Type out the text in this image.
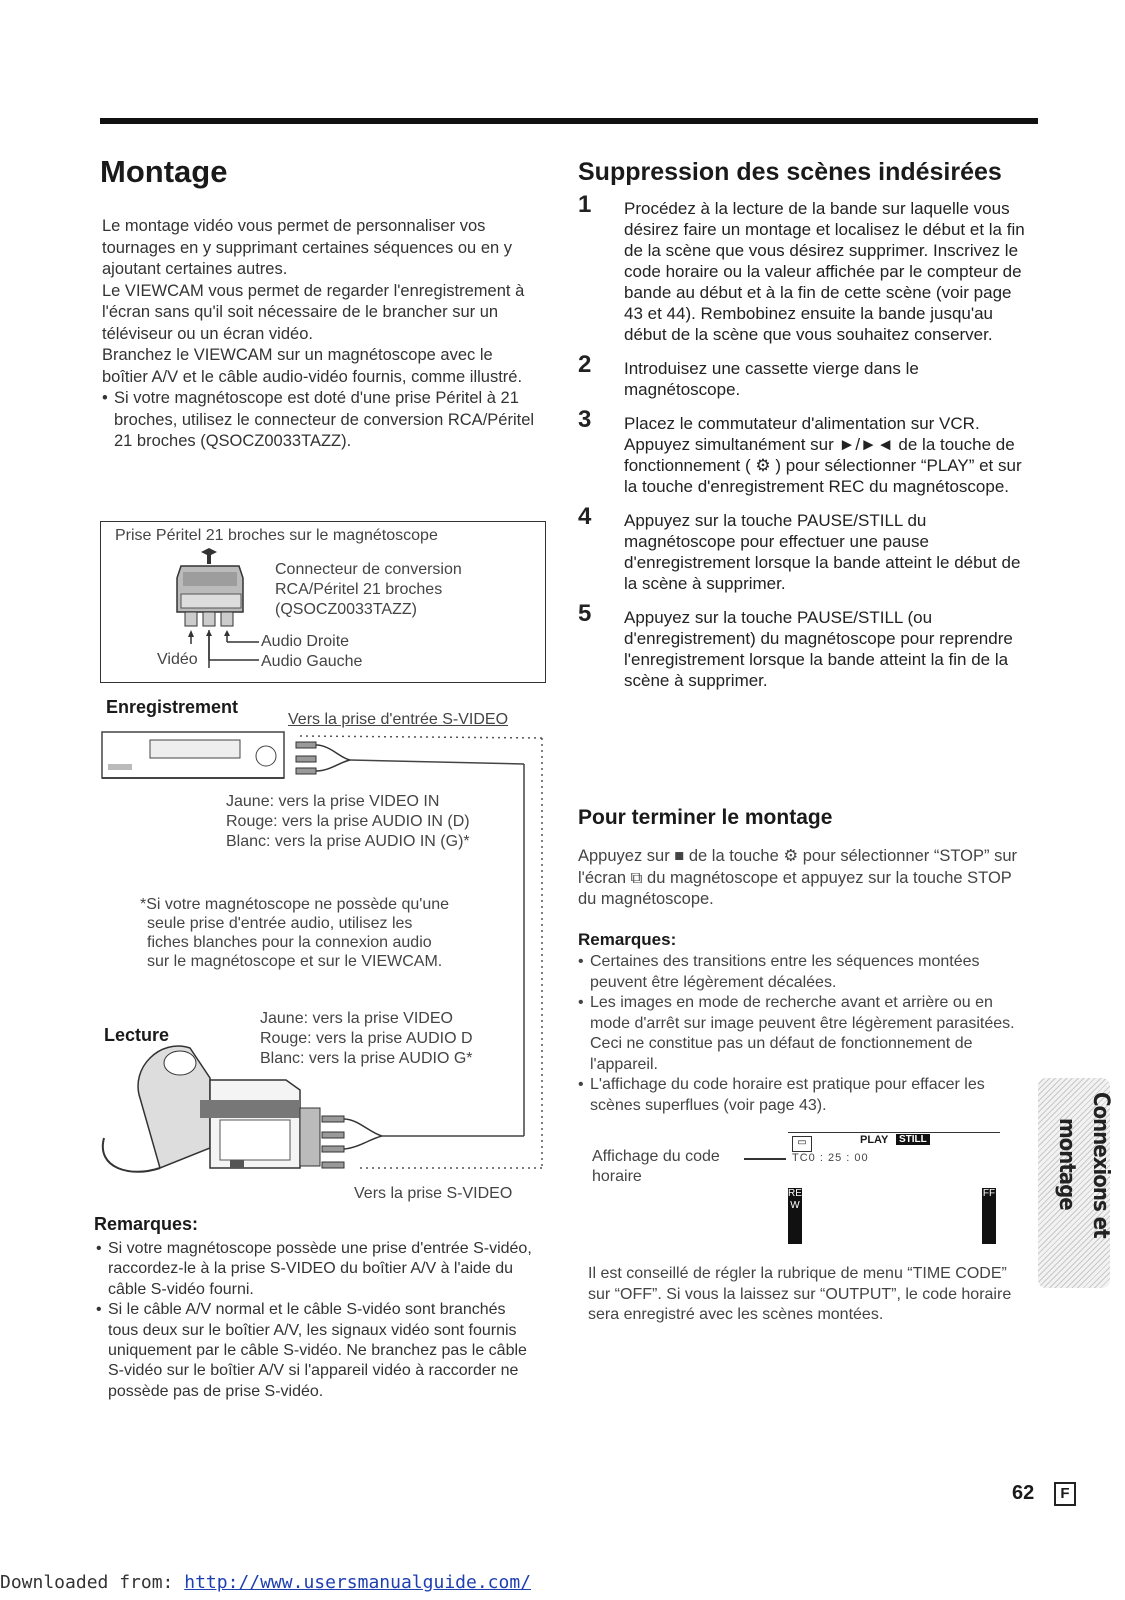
Montage

Le montage vidéo vous permet de personnaliser vos tournages en y supprimant certaines séquences ou en y ajoutant certaines autres.

Le VIEWCAM vous permet de regarder l'enregistrement à l'écran sans qu'il soit nécessaire de le brancher sur un téléviseur ou un écran vidéo.

Branchez le VIEWCAM sur un magnétoscope avec le boîtier A/V et le câble audio-vidéo fournis, comme illustré.

• Si votre magnétoscope est doté d'une prise Péritel à 21 broches, utilisez le connecteur de conversion RCA/Péritel 21 broches (QSOCZ0033TAZZ).
Prise Péritel 21 broches sur le magnétoscope
Connecteur de conversion
RCA/Péritel 21 broches
(QSOCZ0033TAZZ)
Audio Droite
Audio Gauche
Vidéo
Enregistrement
Vers la prise d'entrée S-VIDEO
Jaune: vers la prise VIDEO IN
Rouge: vers la prise AUDIO IN (D)
Blanc: vers la prise AUDIO IN (G)*
*Si votre magnétoscope ne possède qu'une
seule prise d'entrée audio, utilisez les
fiches blanches pour la connexion audio
sur le magnétoscope et sur le VIEWCAM.
Lecture
Jaune: vers la prise VIDEO
Rouge: vers la prise AUDIO D
Blanc: vers la prise AUDIO G*
Vers la prise S-VIDEO
Remarques:
• Si votre magnétoscope possède une prise d'entrée S-vidéo, raccordez-le à la prise S-VIDEO du boîtier A/V à l'aide du câble S-vidéo fourni.
• Si le câble A/V normal et le câble S-vidéo sont branchés tous deux sur le boîtier A/V, les signaux vidéo sont fournis uniquement par le câble S-vidéo. Ne branchez pas le câble S-vidéo sur le boîtier A/V si l'appareil vidéo à raccorder ne possède pas de prise S-vidéo.
Suppression des scènes indésirées
1 Procédez à la lecture de la bande sur laquelle vous désirez faire un montage et localisez le début et la fin de la scène que vous désirez supprimer. Inscrivez le code horaire ou la valeur affichée par le compteur de bande au début et à la fin de cette scène (voir page 43 et 44). Rembobinez ensuite la bande jusqu'au début de la scène que vous souhaitez conserver.
2 Introduisez une cassette vierge dans le magnétoscope.
3 Placez le commutateur d'alimentation sur VCR. Appuyez simultanément sur ►/►◄ de la touche de fonctionnement ( ⚙ ) pour sélectionner “PLAY” et sur la touche d'enregistrement REC du magnétoscope.
4 Appuyez sur la touche PAUSE/STILL du magnétoscope pour effectuer une pause d'enregistrement lorsque la bande atteint le début de la scène à supprimer.
5 Appuyez sur la touche PAUSE/STILL (ou d'enregistrement) du magnétoscope pour reprendre l'enregistrement lorsque la bande atteint la fin de la scène à supprimer.
Pour terminer le montage
Appuyez sur ■ de la touche ⚙ pour sélectionner “STOP” sur l'écran ⧉ du magnétoscope et appuyez sur la touche STOP du magnétoscope.
Remarques:
• Certaines des transitions entre les séquences montées peuvent être légèrement décalées.
• Les images en mode de recherche avant et arrière ou en mode d'arrêt sur image peuvent être légèrement parasitées. Ceci ne constitue pas un défaut de fonctionnement de l'appareil.
• L'affichage du code horaire est pratique pour effacer les scènes superflues (voir page 43).
Affichage du code
horaire
▭	PLAY	STILL
TC0 : 25 : 00
REW
FF
Il est conseillé de régler la rubrique de menu “TIME CODE” sur “OFF”. Si vous la laissez sur “OUTPUT”, le code horaire sera enregistré avec les scènes montées.
Connexions et
montage
62	F
Downloaded from: http://www.usersmanualguide.com/
